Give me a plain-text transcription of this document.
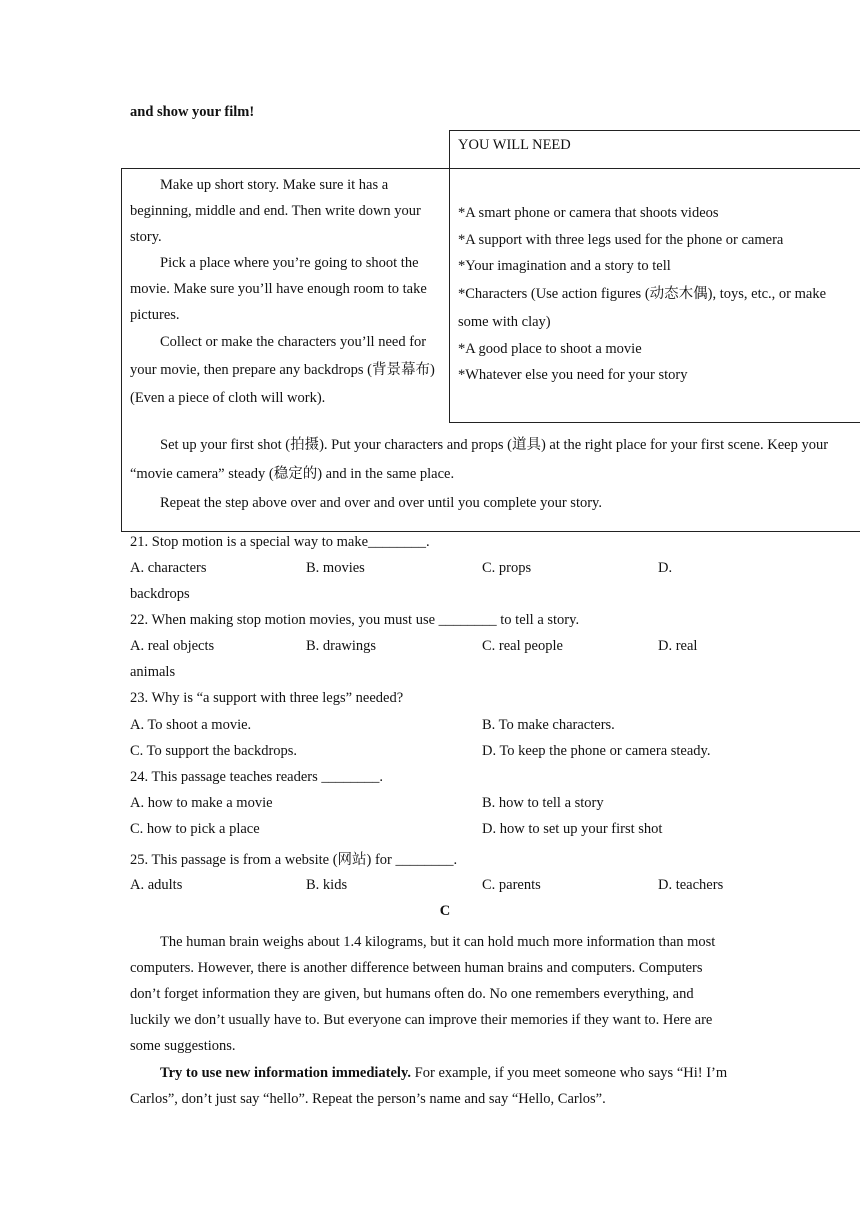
and show your film!
YOU WILL NEED
Make up short story. Make sure it has a beginning, middle and end. Then write down your story.
Pick a place where you’re going to shoot the movie. Make sure you’ll have enough room to take pictures.
Collect or make the characters you’ll need for your movie, then prepare any backdrops (背景幕布) (Even a piece of cloth will work).
*A smart phone or camera that shoots videos
*A support with three legs used for the phone or camera
*Your imagination and a story to tell
*Characters (Use action figures (动态木偶), toys, etc., or make some with clay)
*A good place to shoot a movie
*Whatever else you need for your story
Set up your first shot (拍摄). Put your characters and props (道具) at the right place for your first scene. Keep your “movie camera” steady (稳定的) and in the same place.
Repeat the step above over and over and over until you complete your story.
21. Stop motion is a special way to make________.
A. characters	B. movies	C. props	D.
backdrops
22. When making stop motion movies, you must use ________ to tell a story.
A. real objects	B. drawings	C. real people	D. real
animals
23. Why is “a support with three legs” needed?
A. To shoot a movie.	B. To make characters.
C. To support the backdrops.	D. To keep the phone or camera steady.
24. This passage teaches readers ________.
A. how to make a movie	B. how to tell a story
C. how to pick a place	D. how to set up your first shot
25. This passage is from a website (网站) for ________.
A. adults	B. kids	C. parents	D. teachers
C
The human brain weighs about 1.4 kilograms, but it can hold much more information than most computers. However, there is another difference between human brains and computers. Computers don’t forget information they are given, but humans often do. No one remembers everything, and luckily we don’t usually have to. But everyone can improve their memories if they want to. Here are some suggestions.
Try to use new information immediately. For example, if you meet someone who says “Hi! I’m Carlos”, don’t just say “hello”. Repeat the person’s name and say “Hello, Carlos”.
